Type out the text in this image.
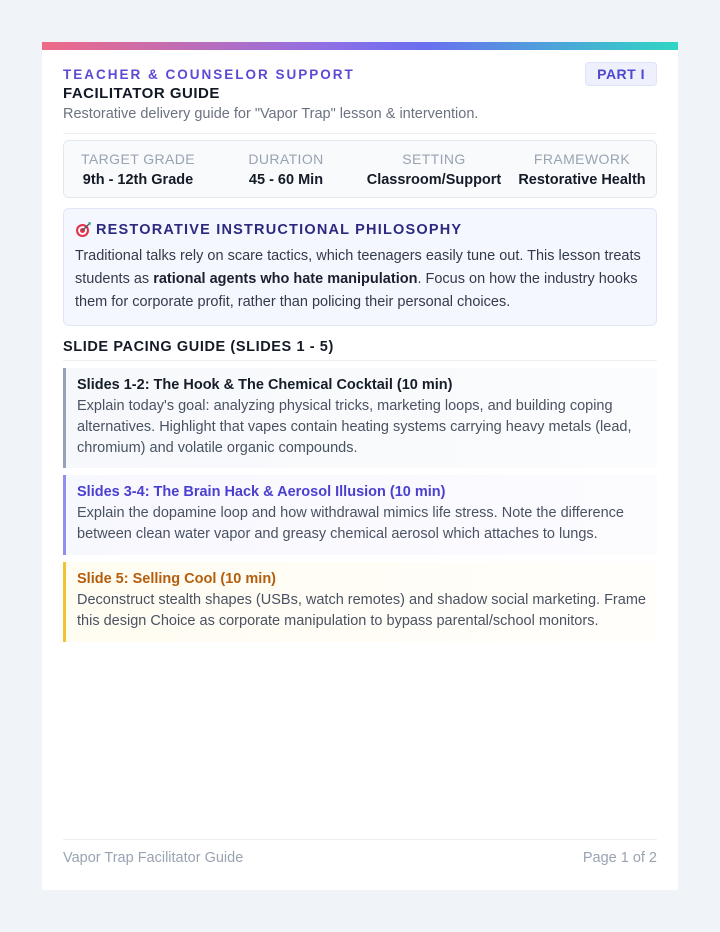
TEACHER & COUNSELOR SUPPORT	PART I
FACILITATOR GUIDE
Restorative delivery guide for "Vapor Trap" lesson & intervention.
TARGET GRADE
9th - 12th Grade
DURATION
45 - 60 Min
SETTING
Classroom/Support
FRAMEWORK
Restorative Health
RESTORATIVE INSTRUCTIONAL PHILOSOPHY
Traditional talks rely on scare tactics, which teenagers easily tune out. This lesson treats students as rational agents who hate manipulation. Focus on how the industry hooks them for corporate profit, rather than policing their personal choices.
SLIDE PACING GUIDE (SLIDES 1 - 5)
Slides 1-2: The Hook & The Chemical Cocktail (10 min)
Explain today's goal: analyzing physical tricks, marketing loops, and building coping alternatives. Highlight that vapes contain heating systems carrying heavy metals (lead, chromium) and volatile organic compounds.
Slides 3-4: The Brain Hack & Aerosol Illusion (10 min)
Explain the dopamine loop and how withdrawal mimics life stress. Note the difference between clean water vapor and greasy chemical aerosol which attaches to lungs.
Slide 5: Selling Cool (10 min)
Deconstruct stealth shapes (USBs, watch remotes) and shadow social marketing. Frame this design Choice as corporate manipulation to bypass parental/school monitors.
Vapor Trap Facilitator Guide	Page 1 of 2
